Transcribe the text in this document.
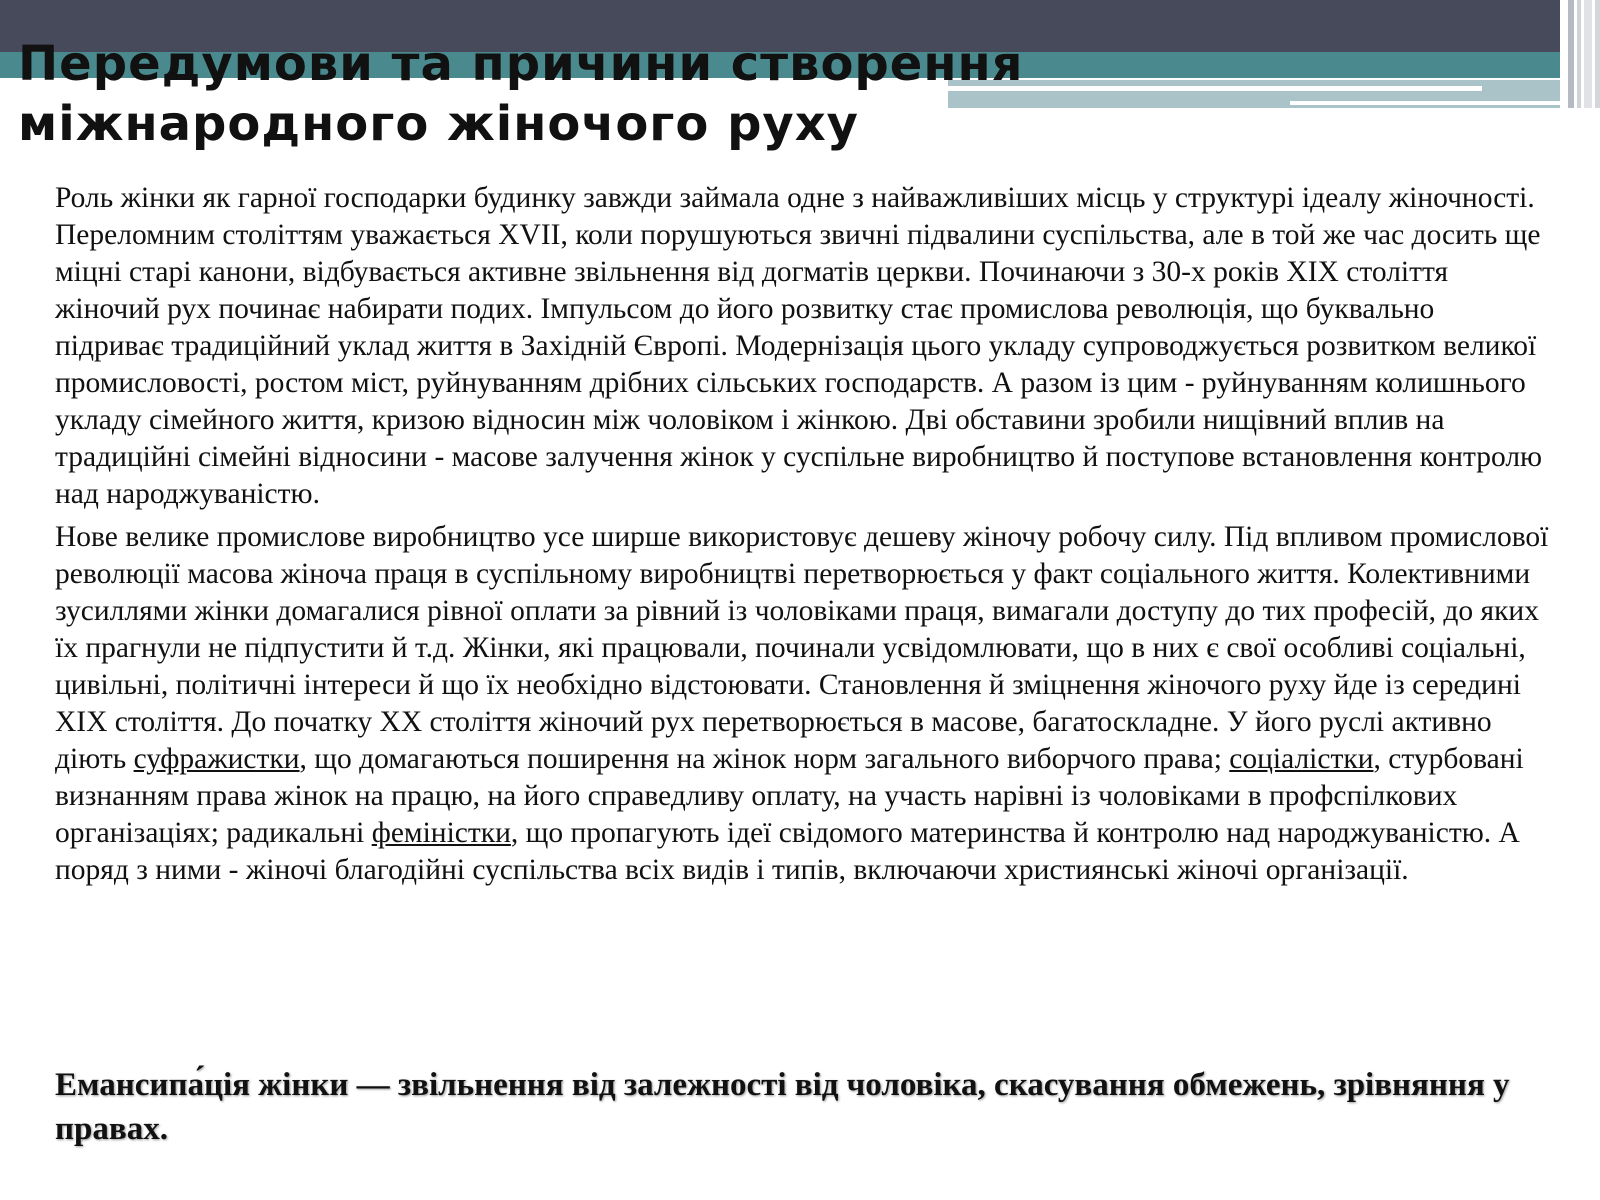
Передумови та причини створення
міжнародного жіночого руху

Роль жінки як гарної господарки будинку завжди займала одне з найважливіших місць у структурі ідеалу жіночності. Переломним століттям уважається XVII, коли порушуються звичні підвалини суспільства, але в той же час досить ще міцні старі канони, відбувається активне звільнення від догматів церкви. Починаючи з 30-х років XIX століття жіночий рух починає набирати подих. Імпульсом до його розвитку стає промислова революція, що буквально підриває традиційний уклад життя в Західній Європі. Модернізація цього укладу супроводжується розвитком великої промисловості, ростом міст, руйнуванням дрібних сільських господарств. А разом із цим - руйнуванням колишнього укладу сімейного життя, кризою відносин між чоловіком і жінкою. Дві обставини зробили нищівний вплив на традиційні сімейні відносини - масове залучення жінок у суспільне виробництво й поступове встановлення контролю над народжуваністю.

Нове велике промислове виробництво усе ширше використовує дешеву жіночу робочу силу. Під впливом промислової революції масова жіноча праця в суспільному виробництві перетворюється у факт соціального життя. Колективними зусиллями жінки домагалися рівної оплати за рівний із чоловіками праця, вимагали доступу до тих професій, до яких їх прагнули не підпустити й т.д. Жінки, які працювали, починали усвідомлювати, що в них є свої особливі соціальні, цивільні, політичні інтереси й що їх необхідно відстоювати. Становлення й зміцнення жіночого руху йде із середині XIX століття. До початку XX століття жіночий рух перетворюється в масове, багатоскладне. У його руслі активно діють суфражистки, що домагаються поширення на жінок норм загального виборчого права; соціалістки, стурбовані визнанням права жінок на працю, на його справедливу оплату, на участь нарівні із чоловіками в профспілкових організаціях; радикальні феміністки, що пропагують ідеї свідомого материнства й контролю над народжуваністю. А поряд з ними - жіночі благодійні суспільства всіх видів і типів, включаючи християнські жіночі організації.

Емансипа́ція жінки — звільнення від залежності від чоловіка, скасування обмежень, зрівняння у правах.
